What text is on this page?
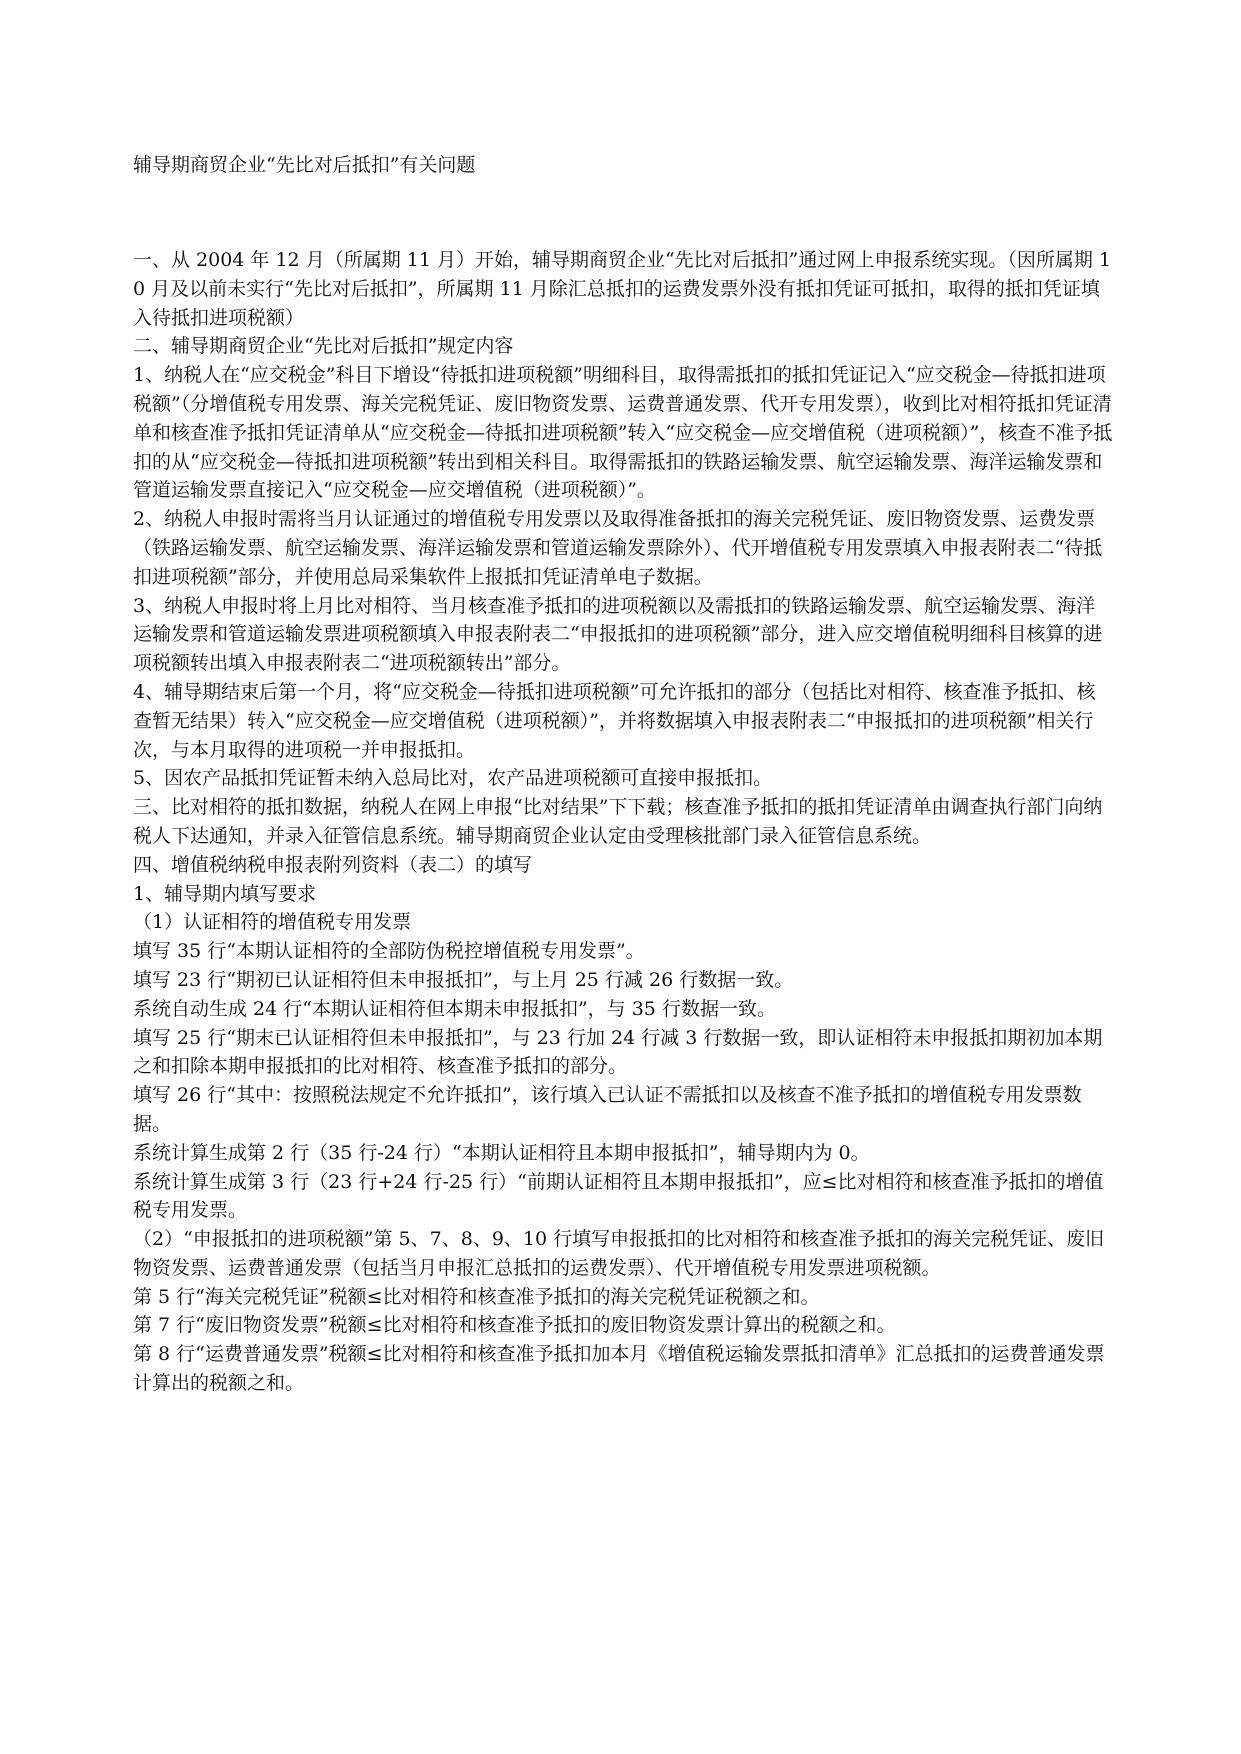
辅导期商贸企业“先比对后抵扣”有关问题

一、从 2004 年 12 月（所属期 11 月）开始，辅导期商贸企业“先比对后抵扣”通过网上申报系统实现。（因所属期 10 月及以前未实行“先比对后抵扣”，所属期 11 月除汇总抵扣的运费发票外没有抵扣凭证可抵扣，取得的抵扣凭证填入待抵扣进项税额）

二、辅导期商贸企业“先比对后抵扣”规定内容

1、纳税人在“应交税金”科目下增设“待抵扣进项税额”明细科目，取得需抵扣的抵扣凭证记入“应交税金—待抵扣进项税额”（分增值税专用发票、海关完税凭证、废旧物资发票、运费普通发票、代开专用发票），收到比对相符抵扣凭证清单和核查准予抵扣凭证清单从“应交税金—待抵扣进项税额”转入“应交税金—应交增值税（进项税额）”，核查不准予抵扣的从“应交税金—待抵扣进项税额”转出到相关科目。取得需抵扣的铁路运输发票、航空运输发票、海洋运输发票和管道运输发票直接记入“应交税金—应交增值税（进项税额）”。

2、纳税人申报时需将当月认证通过的增值税专用发票以及取得准备抵扣的海关完税凭证、废旧物资发票、运费发票（铁路运输发票、航空运输发票、海洋运输发票和管道运输发票除外）、代开增值税专用发票填入申报表附表二“待抵扣进项税额”部分，并使用总局采集软件上报抵扣凭证清单电子数据。

3、纳税人申报时将上月比对相符、当月核查准予抵扣的进项税额以及需抵扣的铁路运输发票、航空运输发票、海洋运输发票和管道运输发票进项税额填入申报表附表二“申报抵扣的进项税额”部分，进入应交增值税明细科目核算的进项税额转出填入申报表附表二“进项税额转出”部分。

4、辅导期结束后第一个月，将“应交税金—待抵扣进项税额”可允许抵扣的部分（包括比对相符、核查准予抵扣、核查暂无结果）转入“应交税金—应交增值税（进项税额）”，并将数据填入申报表附表二“申报抵扣的进项税额”相关行次，与本月取得的进项税一并申报抵扣。

5、因农产品抵扣凭证暂未纳入总局比对，农产品进项税额可直接申报抵扣。

三、比对相符的抵扣数据，纳税人在网上申报“比对结果”下下载；核查准予抵扣的抵扣凭证清单由调查执行部门向纳税人下达通知，并录入征管信息系统。辅导期商贸企业认定由受理核批部门录入征管信息系统。

四、增值税纳税申报表附列资料（表二）的填写

1、辅导期内填写要求

（1）认证相符的增值税专用发票

填写 35 行“本期认证相符的全部防伪税控增值税专用发票”。

填写 23 行“期初已认证相符但未申报抵扣”，与上月 25 行减 26 行数据一致。

系统自动生成 24 行“本期认证相符但本期未申报抵扣”，与 35 行数据一致。

填写 25 行“期末已认证相符但未申报抵扣”，与 23 行加 24 行减 3 行数据一致，即认证相符未申报抵扣期初加本期之和扣除本期申报抵扣的比对相符、核查准予抵扣的部分。

填写 26 行“其中：按照税法规定不允许抵扣”，该行填入已认证不需抵扣以及核查不准予抵扣的增值税专用发票数据。

系统计算生成第 2 行（35 行-24 行）“本期认证相符且本期申报抵扣”，辅导期内为 0。

系统计算生成第 3 行（23 行+24 行-25 行）“前期认证相符且本期申报抵扣”，应≤比对相符和核查准予抵扣的增值税专用发票。

（2）“申报抵扣的进项税额”第 5、7、8、9、10 行填写申报抵扣的比对相符和核查准予抵扣的海关完税凭证、废旧物资发票、运费普通发票（包括当月申报汇总抵扣的运费发票）、代开增值税专用发票进项税额。

第 5 行“海关完税凭证”税额≤比对相符和核查准予抵扣的海关完税凭证税额之和。

第 7 行“废旧物资发票”税额≤比对相符和核查准予抵扣的废旧物资发票计算出的税额之和。

第 8 行“运费普通发票”税额≤比对相符和核查准予抵扣加本月《增值税运输发票抵扣清单》汇总抵扣的运费普通发票计算出的税额之和。
